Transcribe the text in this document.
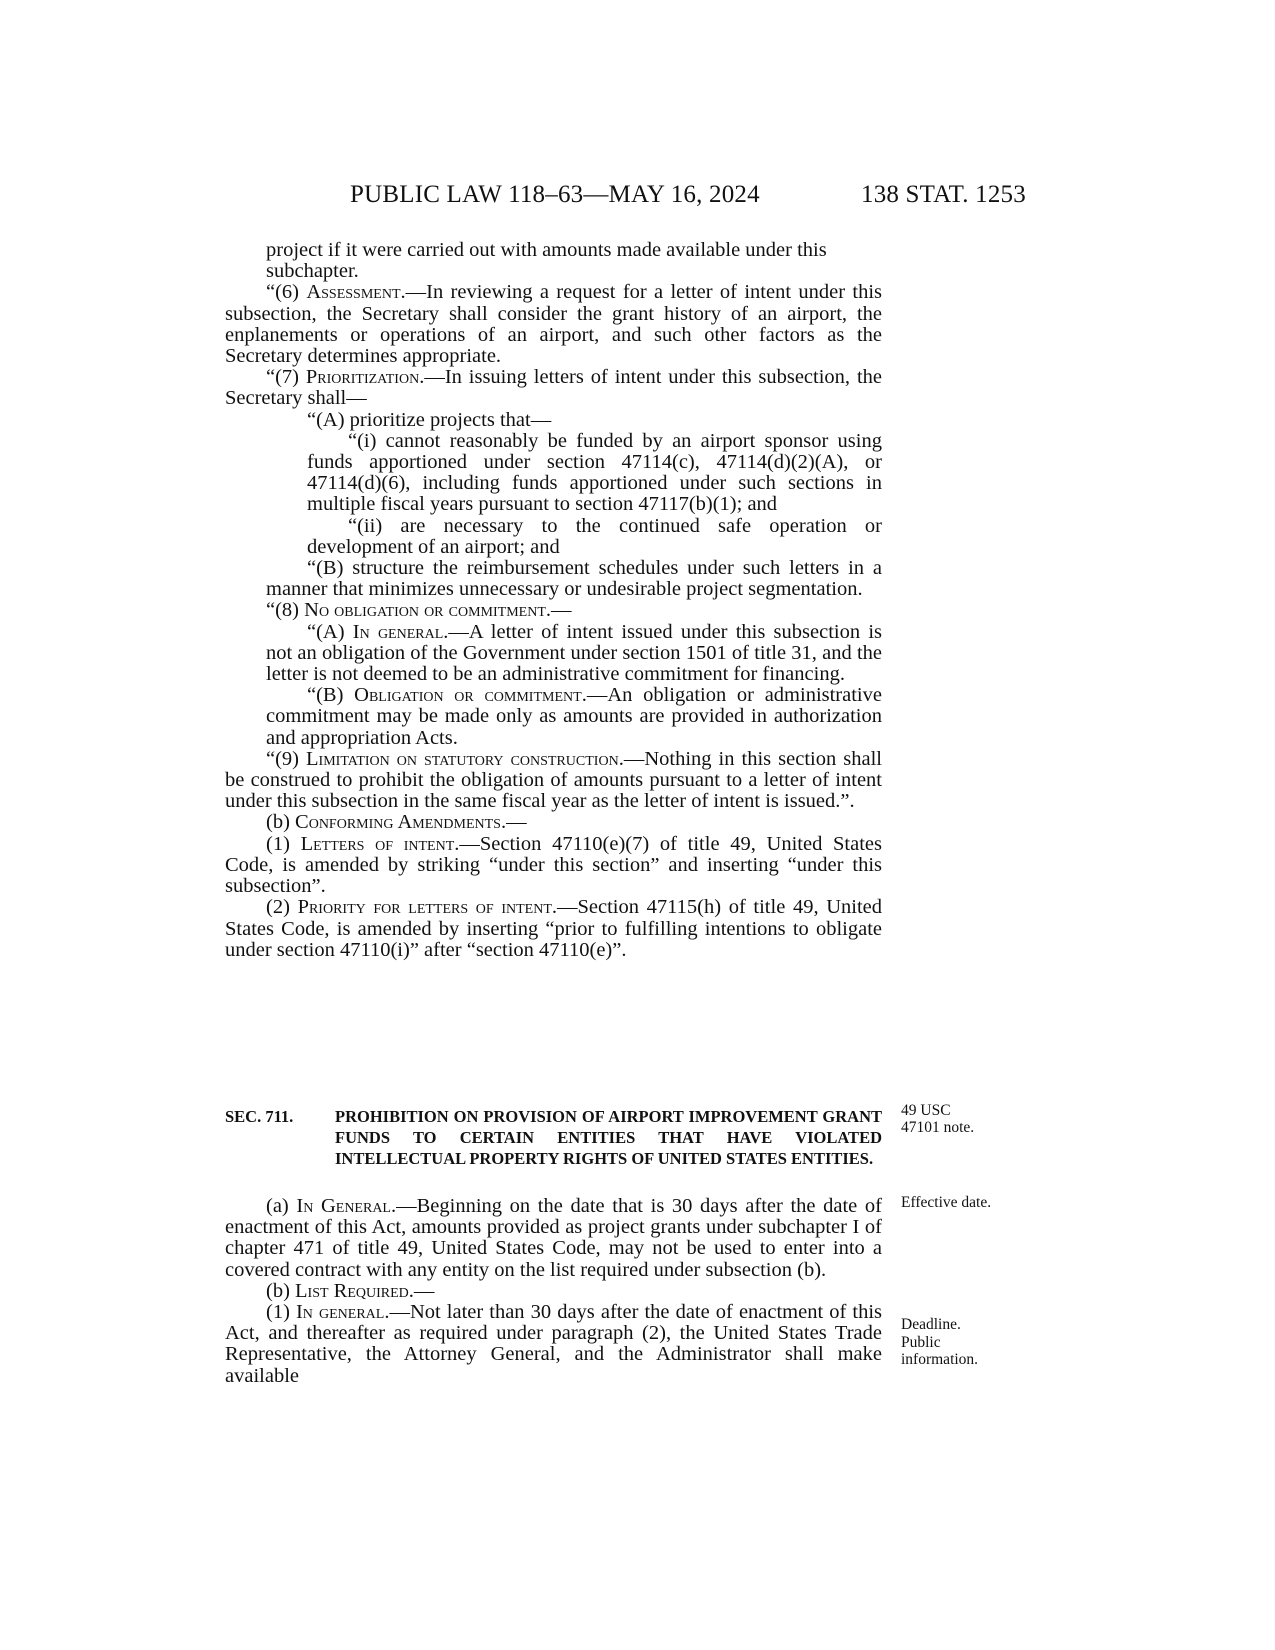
PUBLIC LAW 118–63—MAY 16, 2024	138 STAT. 1253
project if it were carried out with amounts made available under this subchapter.
“(6) Assessment.—In reviewing a request for a letter of intent under this subsection, the Secretary shall consider the grant history of an airport, the enplanements or operations of an airport, and such other factors as the Secretary determines appropriate.
“(7) Prioritization.—In issuing letters of intent under this subsection, the Secretary shall—
“(A) prioritize projects that—
“(i) cannot reasonably be funded by an airport sponsor using funds apportioned under section 47114(c), 47114(d)(2)(A), or 47114(d)(6), including funds apportioned under such sections in multiple fiscal years pursuant to section 47117(b)(1); and
“(ii) are necessary to the continued safe operation or development of an airport; and
“(B) structure the reimbursement schedules under such letters in a manner that minimizes unnecessary or undesirable project segmentation.
“(8) No obligation or commitment.—
“(A) In general.—A letter of intent issued under this subsection is not an obligation of the Government under section 1501 of title 31, and the letter is not deemed to be an administrative commitment for financing.
“(B) Obligation or commitment.—An obligation or administrative commitment may be made only as amounts are provided in authorization and appropriation Acts.
“(9) Limitation on statutory construction.—Nothing in this section shall be construed to prohibit the obligation of amounts pursuant to a letter of intent under this subsection in the same fiscal year as the letter of intent is issued.”.
(b) Conforming Amendments.—
(1) Letters of intent.—Section 47110(e)(7) of title 49, United States Code, is amended by striking “under this section” and inserting “under this subsection”.
(2) Priority for letters of intent.—Section 47115(h) of title 49, United States Code, is amended by inserting “prior to fulfilling intentions to obligate under section 47110(i)” after “section 47110(e)”.
SEC. 711.	PROHIBITION ON PROVISION OF AIRPORT IMPROVEMENT GRANT FUNDS TO CERTAIN ENTITIES THAT HAVE VIOLATED INTELLECTUAL PROPERTY RIGHTS OF UNITED STATES ENTITIES.
(a) In General.—Beginning on the date that is 30 days after the date of enactment of this Act, amounts provided as project grants under subchapter I of chapter 471 of title 49, United States Code, may not be used to enter into a covered contract with any entity on the list required under subsection (b).
(b) List Required.—
(1) In general.—Not later than 30 days after the date of enactment of this Act, and thereafter as required under paragraph (2), the United States Trade Representative, the Attorney General, and the Administrator shall make available
49 USC 47101 note.
Effective date.
Deadline.
Public information.
